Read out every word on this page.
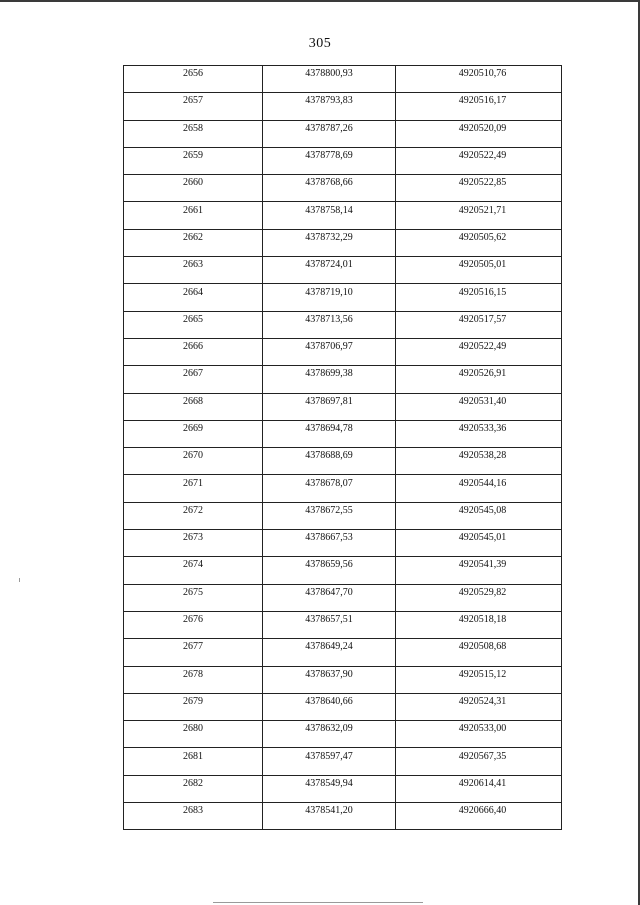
305
2656	4378800,93	4920510,76
2657	4378793,83	4920516,17
2658	4378787,26	4920520,09
2659	4378778,69	4920522,49
2660	4378768,66	4920522,85
2661	4378758,14	4920521,71
2662	4378732,29	4920505,62
2663	4378724,01	4920505,01
2664	4378719,10	4920516,15
2665	4378713,56	4920517,57
2666	4378706,97	4920522,49
2667	4378699,38	4920526,91
2668	4378697,81	4920531,40
2669	4378694,78	4920533,36
2670	4378688,69	4920538,28
2671	4378678,07	4920544,16
2672	4378672,55	4920545,08
2673	4378667,53	4920545,01
2674	4378659,56	4920541,39
2675	4378647,70	4920529,82
2676	4378657,51	4920518,18
2677	4378649,24	4920508,68
2678	4378637,90	4920515,12
2679	4378640,66	4920524,31
2680	4378632,09	4920533,00
2681	4378597,47	4920567,35
2682	4378549,94	4920614,41
2683	4378541,20	4920666,40
